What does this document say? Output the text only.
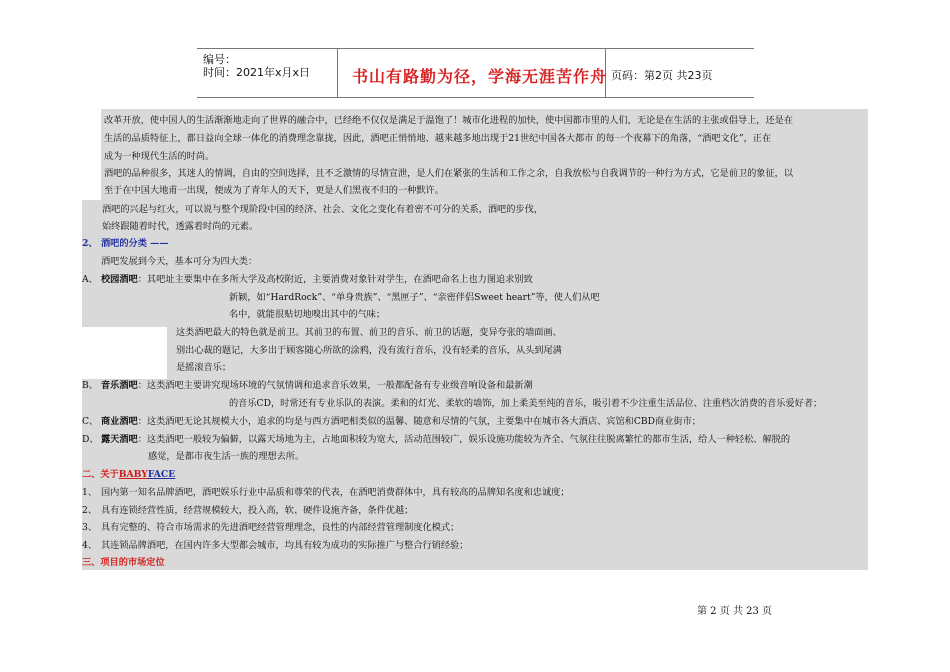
编号：
时间：2021年x月x日	书山有路勤为径，学海无涯苦作舟 页码：第2页 共23页
改革开放，使中国人的生活渐渐地走向了世界的融合中，已经绝不仅仅是满足于温饱了！城市化进程的加快，使中国都市里的人们，无论是在生活的主张或倡导上，还是在
生活的品质特征上，都日益向全球一体化的消费理念靠拢，因此，酒吧正悄悄地、越来越多地出现于21世纪中国各大都市 的每一个夜幕下的角落，“酒吧文化”，正在
成为一种现代生活的时尚。
酒吧的品种很多，其迷人的情调，自由的空间选择，且不乏激情的尽情宣泄，是人们在紧张的生活和工作之余，自我放松与自我调节的一种行为方式，它是前卫的象征，以
至于在中国大地甫一出现，便成为了青年人的天下，更是人们黑夜不归的一种默许。
酒吧的兴起与红火，可以说与整个现阶段中国的经济、社会、文化之变化有着密不可分的关系，酒吧的步伐，
始终跟随着时代，透露着时尚的元素。
2、 酒吧的分类 ——
酒吧发展到今天，基本可分为四大类：
A、 校园酒吧：其吧址主要集中在多所大学及高校附近，主要消费对象针对学生，在酒吧命名上也力图追求别致
新颖，如“HardRock”、“单身贵族”、“黑匣子”、“亲密伴侣Sweet heart”等，使人们从吧
名中，就能很贴切地嗅出其中的气味；
这类酒吧最大的特色就是前卫。其前卫的布置、前卫的音乐、前卫的话题，变异夸张的墙面画、
别出心裁的题记，大多出于顾客随心所欲的涂鸦，没有流行音乐，没有轻柔的音乐，从头到尾满
是摇滚音乐；
B、 音乐酒吧：这类酒吧主要讲究现场环境的气氛情调和追求音乐效果，一般都配备有专业级音响设备和最新潮
的音乐CD，时常还有专业乐队的表演。柔和的灯光、柔软的墙饰，加上柔美至纯的音乐，吸引着不少注重生活品位、注重档次消费的音乐爱好者；
C、 商业酒吧：这类酒吧无论其规模大小，追求的均是与西方酒吧相类似的温馨、随意和尽情的气氛，主要集中在城市各大酒店、宾馆和CBD商业街市；
D、 露天酒吧：这类酒吧一般较为偏僻，以露天场地为主，占地面积较为宽大，活动范围较广，娱乐设施功能较为齐全、气氛往往脱离繁忙的都市生活，给人一种轻松、解脱的
感觉，是都市夜生活一族的理想去所。
二、关于BABYFACE
1、 国内第一知名品牌酒吧，酒吧娱乐行业中品质和尊荣的代表，在酒吧消费群体中，具有较高的品牌知名度和忠诚度；
2、 具有连锁经营性质，经营规模较大，投入高，软、硬件设施齐备，条件优越；
3、 具有完整的、符合市场需求的先进酒吧经营管理理念，良性的内部经营管理制度化模式；
4、 其连锁品牌酒吧，在国内许多大型都会城市，均具有较为成功的实际推广与整合行销经验；
三、项目的市场定位
第 2 页 共 23 页
